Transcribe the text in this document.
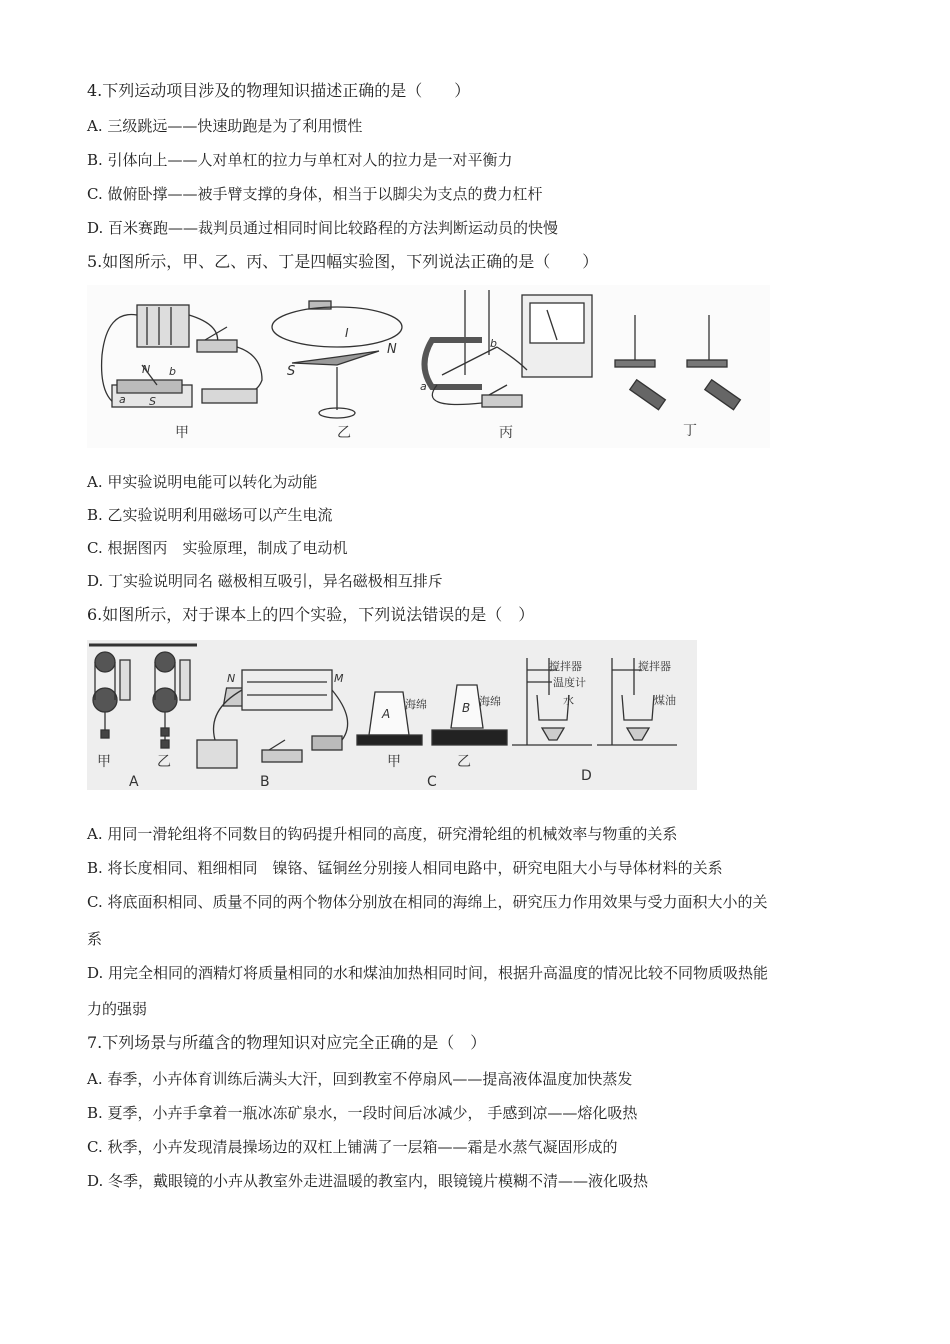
4.下列运动项目涉及的物理知识描述正确的是（　　）
A. 三级跳远——快速助跑是为了利用惯性
B. 引体向上——人对单杠的拉力与单杠对人的拉力是一对平衡力
C. 做俯卧撑——被手臂支撑的身体，相当于以脚尖为支点的费力杠杆
D. 百米赛跑——裁判员通过相同时间比较路程的方法判断运动员的快慢
5.如图所示，甲、乙、丙、丁是四幅实验图，下列说法正确的是（　　）
N
S
a
b
甲
I
N
S
乙
a
b
丙	丁
A. 甲实验说明电能可以转化为动能
B. 乙实验说明利用磁场可以产生电流
C. 根据图丙　实验原理，制成了电动机
D. 丁实验说明同名 磁极相互吸引，异名磁极相互排斥
6.如图所示，对于课本上的四个实验，下列说法错误的是（　）
甲	乙
A
N	M
B
A	B
海绵	海绵
甲	乙
C
搅拌器
温度计
水
搅拌器
煤油
D
A. 用同一滑轮组将不同数目的钩码提升相同的高度，研究滑轮组的机械效率与物重的关系
B. 将长度相同、粗细相同　镍铬、锰铜丝分别接人相同电路中，研究电阻大小与导体材料的关系
C. 将底面积相同、质量不同的两个物体分别放在相同的海绵上，研究压力作用效果与受力面积大小的关
系
D. 用完全相同的酒精灯将质量相同的水和煤油加热相同时间，根据升高温度的情况比较不同物质吸热能
力的强弱
7.下列场景与所蕴含的物理知识对应完全正确的是（　）
A. 春季，小卉体育训练后满头大汗，回到教室不停扇风——提高液体温度加快蒸发
B. 夏季，小卉手拿着一瓶冰冻矿泉水，一段时间后冰减少， 手感到凉——熔化吸热
C. 秋季，小卉发现清晨操场边的双杠上铺满了一层箱——霜是水蒸气凝固形成的
D. 冬季，戴眼镜的小卉从教室外走进温暖的教室内，眼镜镜片模糊不清——液化吸热
